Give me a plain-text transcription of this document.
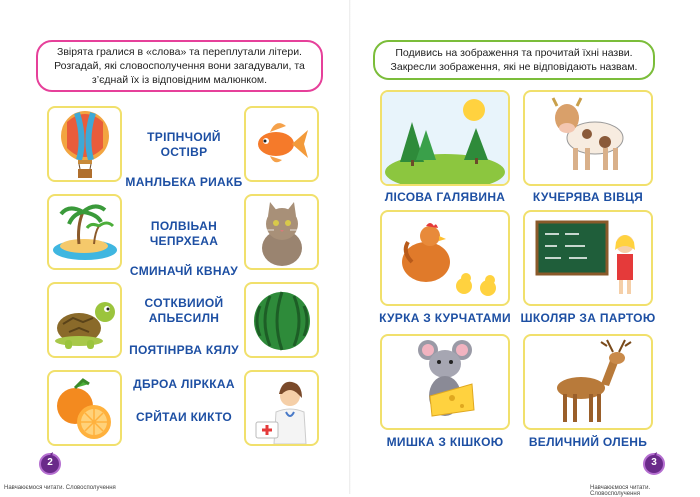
Звірята гралися в «слова» та переплутали літери. Розгадай, які словосполучення вони загадували, та з’єднай їх із відповідним малюнком.
ТРІПНЧОИЙ ОСТІВР
МАНЛЬЕКА РИАКБ
ПОЛВІЬАН ЧЕПРХЕАА
СМИНАЧЙ КВНАУ
СОТКВИИОЙ АПЬЕСИЛН
ПОЯТІНРВА КЯЛУ
ДБРОА ЛІРККАА
СРЙТАИ КИКТО
2
Навчаюємося читати. Словосполучення
Подивись на зображення та прочитай їхні назви. Закресли зображення, які не відповідають назвам.
ЛІСОВА ГАЛЯВИНА	КУЧЕРЯВА ВІВЦЯ
КУРКА З КУРЧАТАМИ ШКОЛЯР ЗА ПАРТОЮ
МИШКА З КІШКОЮ	ВЕЛИЧНИЙ ОЛЕНЬ
3
Навчаюємося читати. Словосполучення
